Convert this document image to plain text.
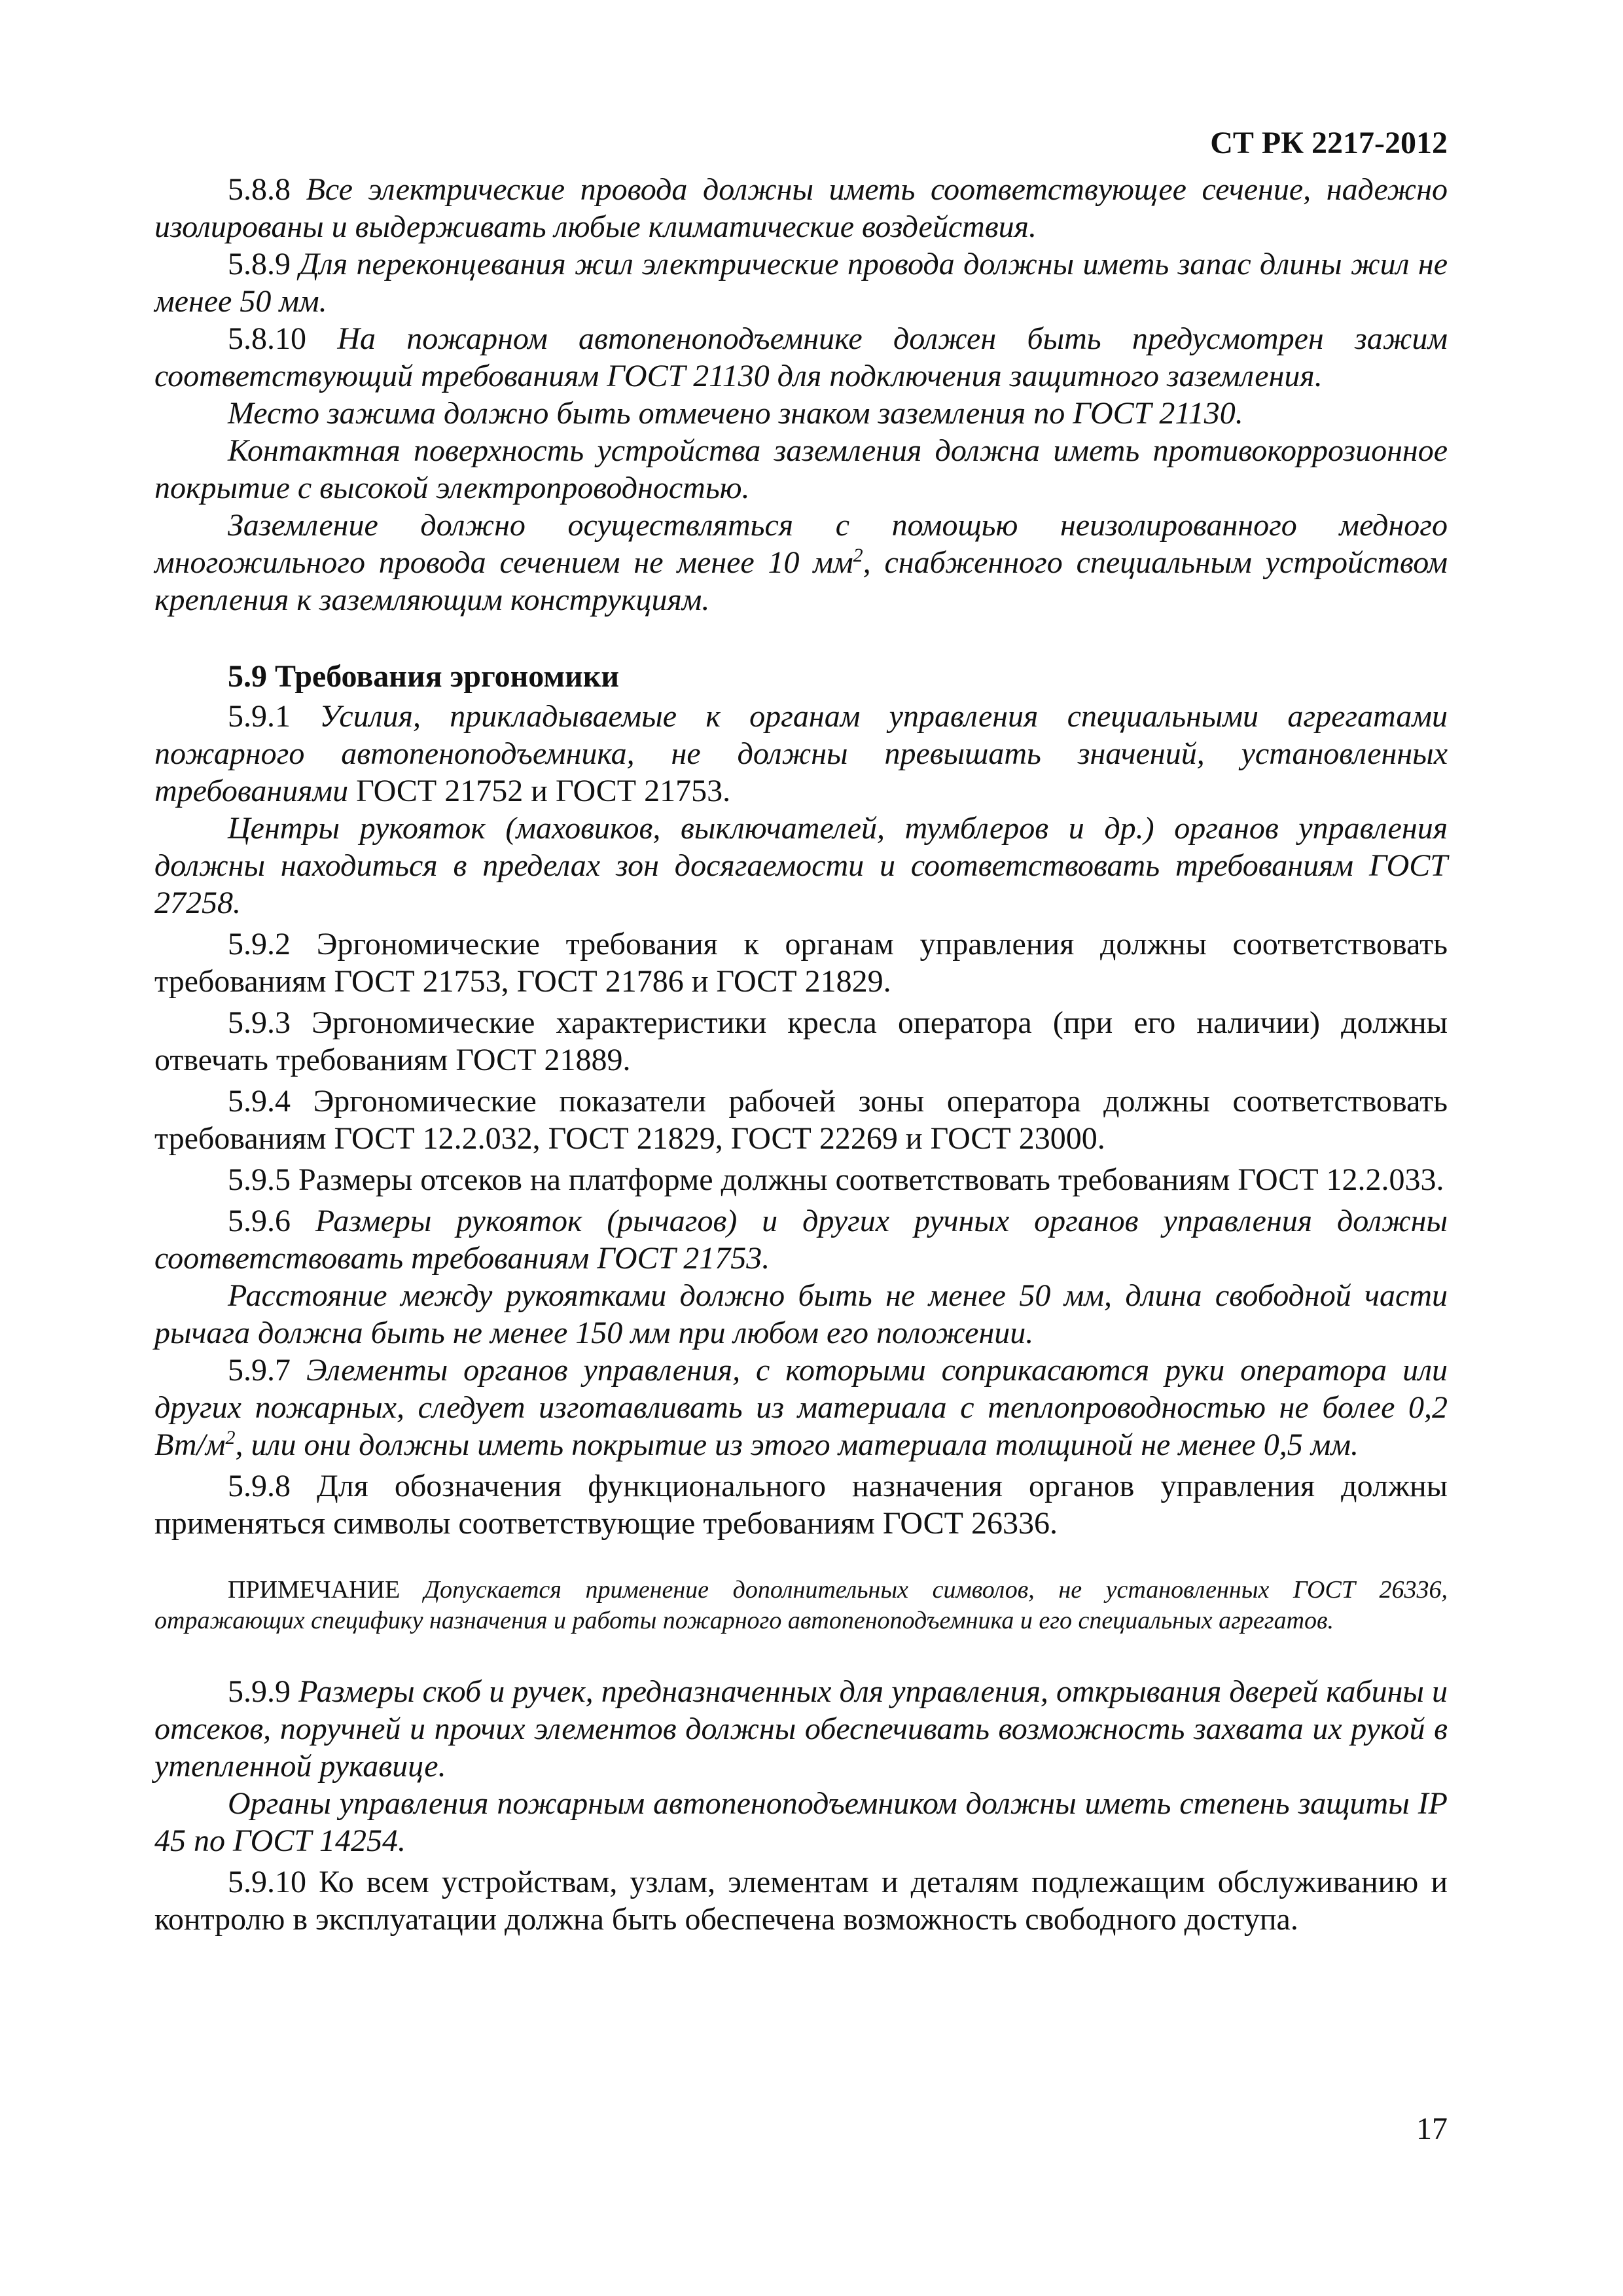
СТ РК 2217-2012

5.8.8 Все электрические провода должны иметь соответствующее сечение, надежно изолированы и выдерживать любые климатические воздействия.

5.8.9 Для переконцевания жил электрические провода должны иметь запас длины жил не менее 50 мм.

5.8.10 На пожарном автопеноподъемнике должен быть предусмотрен зажим соответствующий требованиям ГОСТ 21130 для подключения защитного заземления.

Место зажима должно быть отмечено знаком заземления по ГОСТ 21130.

Контактная поверхность устройства заземления должна иметь противокоррозионное покрытие с высокой электропроводностью.

Заземление должно осуществляться с помощью неизолированного медного многожильного провода сечением не менее 10 $мм^2$, снабженного специальным устройством крепления к заземляющим конструкциям.

5.9 Требования эргономики

5.9.1 Усилия, прикладываемые к органам управления специальными агрегатами пожарного автопеноподъемника, не должны превышать значений, установленных требованиями ГОСТ 21752 и ГОСТ 21753.

Центры рукояток (маховиков, выключателей, тумблеров и др.) органов управления должны находиться в пределах зон досягаемости и соответствовать требованиям ГОСТ 27258.

5.9.2 Эргономические требования к органам управления должны соответствовать требованиям ГОСТ 21753, ГОСТ 21786 и ГОСТ 21829.

5.9.3 Эргономические характеристики кресла оператора (при его наличии) должны отвечать требованиям ГОСТ 21889.

5.9.4 Эргономические показатели рабочей зоны оператора должны соответствовать требованиям ГОСТ 12.2.032, ГОСТ 21829, ГОСТ 22269 и ГОСТ 23000.

5.9.5 Размеры отсеков на платформе должны соответствовать требованиям ГОСТ 12.2.033.

5.9.6 Размеры рукояток (рычагов) и других ручных органов управления должны соответствовать требованиям ГОСТ 21753.

Расстояние между рукоятками должно быть не менее 50 мм, длина свободной части рычага должна быть не менее 150 мм при любом его положении.

5.9.7 Элементы органов управления, с которыми соприкасаются руки оператора или других пожарных, следует изготавливать из материала с теплопроводностью не более 0,2 $Вт/м^2$, или они должны иметь покрытие из этого материала толщиной не менее 0,5 мм.

5.9.8 Для обозначения функционального назначения органов управления должны применяться символы соответствующие требованиям ГОСТ 26336.

ПРИМЕЧАНИЕ Допускается применение дополнительных символов, не установленных ГОСТ 26336, отражающих специфику назначения и работы пожарного автопеноподъемника и его специальных агрегатов.

5.9.9 Размеры скоб и ручек, предназначенных для управления, открывания дверей кабины и отсеков, поручней и прочих элементов должны обеспечивать возможность захвата их рукой в утепленной рукавице.

Органы управления пожарным автопеноподъемником должны иметь степень защиты IP 45 по ГОСТ 14254.

5.9.10 Ко всем устройствам, узлам, элементам и деталям подлежащим обслуживанию и контролю в эксплуатации должна быть обеспечена возможность свободного доступа.

17
